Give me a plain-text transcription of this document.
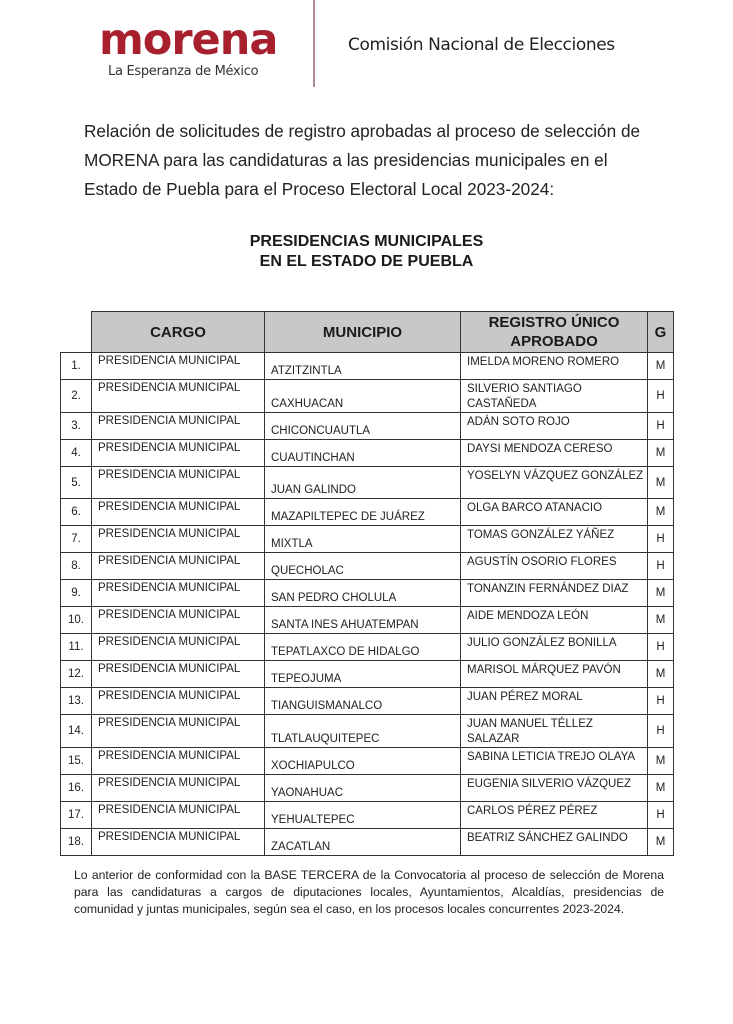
morena
La Esperanza de México
Comisión Nacional de Elecciones

Relación de solicitudes de registro aprobadas al proceso de selección de MORENA para las candidaturas a las presidencias municipales en el Estado de Puebla para el Proceso Electoral Local 2023-2024:

PRESIDENCIAS MUNICIPALES
EN EL ESTADO DE PUEBLA
	CARGO	MUNICIPIO	REGISTRO ÚNICO
APROBADO	G
1.	PRESIDENCIA MUNICIPAL	ATZITZINTLA	IMELDA MORENO ROMERO	M
2.	PRESIDENCIA MUNICIPAL	CAXHUACAN	SILVERIO SANTIAGO CASTAÑEDA	H
3.	PRESIDENCIA MUNICIPAL	CHICONCUAUTLA	ADÁN SOTO ROJO	H
4.	PRESIDENCIA MUNICIPAL	CUAUTINCHAN	DAYSI MENDOZA CERESO	M
5.	PRESIDENCIA MUNICIPAL	JUAN GALINDO	YOSELYN VÁZQUEZ GONZÁLEZ	M
6.	PRESIDENCIA MUNICIPAL	MAZAPILTEPEC DE JUÁREZ	OLGA BARCO ATANACIO	M
7.	PRESIDENCIA MUNICIPAL	MIXTLA	TOMAS GONZÁLEZ YÁÑEZ	H
8.	PRESIDENCIA MUNICIPAL	QUECHOLAC	AGUSTÍN OSORIO FLORES	H
9.	PRESIDENCIA MUNICIPAL	SAN PEDRO CHOLULA	TONANZIN FERNÁNDEZ DIAZ	M
10.	PRESIDENCIA MUNICIPAL	SANTA INES AHUATEMPAN	AIDE MENDOZA LEÓN	M
11.	PRESIDENCIA MUNICIPAL	TEPATLAXCO DE HIDALGO	JULIO GONZÁLEZ BONILLA	H
12.	PRESIDENCIA MUNICIPAL	TEPEOJUMA	MARISOL MÁRQUEZ PAVÓN	M
13.	PRESIDENCIA MUNICIPAL	TIANGUISMANALCO	JUAN PÉREZ MORAL	H
14.	PRESIDENCIA MUNICIPAL	TLATLAUQUITEPEC	JUAN MANUEL TÉLLEZ SALAZAR	H
15.	PRESIDENCIA MUNICIPAL	XOCHIAPULCO	SABINA LETICIA TREJO OLAYA	M
16.	PRESIDENCIA MUNICIPAL	YAONAHUAC	EUGENIA SILVERIO VÁZQUEZ	M
17.	PRESIDENCIA MUNICIPAL	YEHUALTEPEC	CARLOS PÉREZ PÉREZ	H
18.	PRESIDENCIA MUNICIPAL	ZACATLAN	BEATRIZ SÁNCHEZ GALINDO	M

Lo anterior de conformidad con la BASE TERCERA de la Convocatoria al proceso de selección de Morena para las candidaturas a cargos de diputaciones locales, Ayuntamientos, Alcaldías, presidencias de comunidad y juntas municipales, según sea el caso, en los procesos locales concurrentes 2023-2024.
